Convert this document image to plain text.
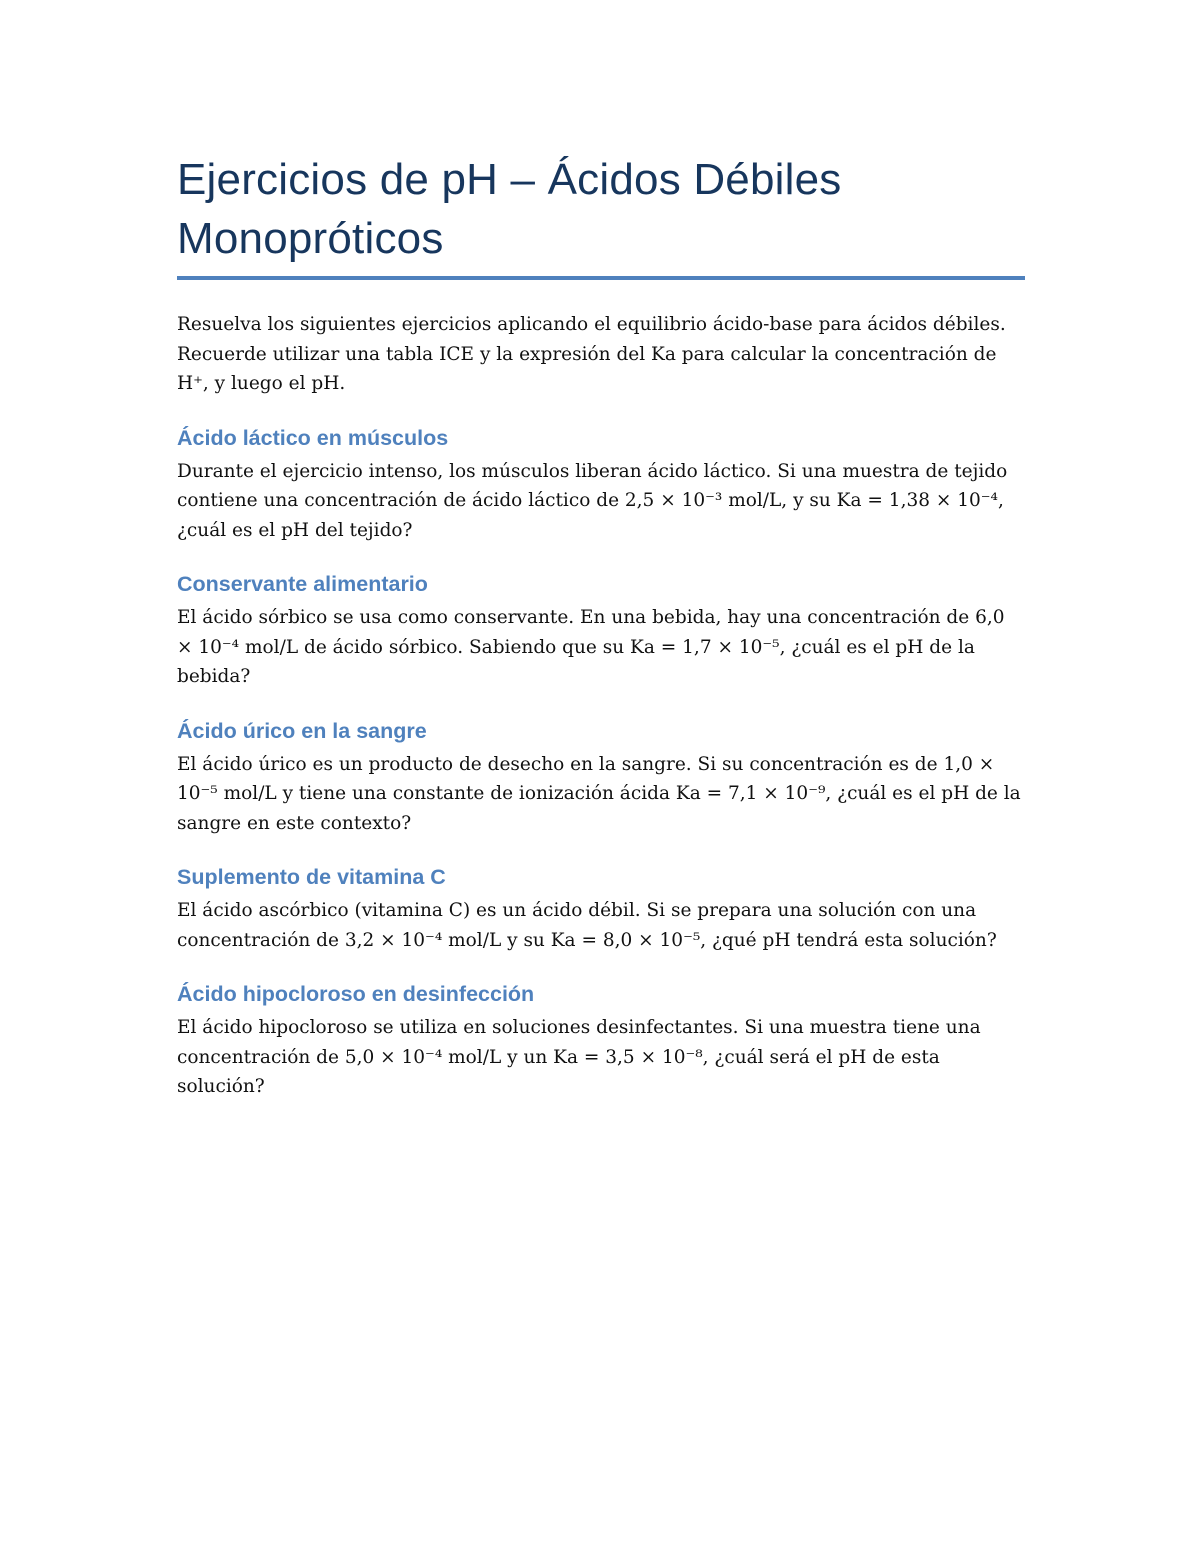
Ejercicios de pH – Ácidos Débiles Monopróticos

Resuelva los siguientes ejercicios aplicando el equilibrio ácido-base para ácidos débiles. Recuerde utilizar una tabla ICE y la expresión del Ka para calcular la concentración de H⁺, y luego el pH.

Ácido láctico en músculos

Durante el ejercicio intenso, los músculos liberan ácido láctico. Si una muestra de tejido contiene una concentración de ácido láctico de 2,5 × 10⁻³ mol/L, y su Ka = 1,38 × 10⁻⁴, ¿cuál es el pH del tejido?

Conservante alimentario

El ácido sórbico se usa como conservante. En una bebida, hay una concentración de 6,0 × 10⁻⁴ mol/L de ácido sórbico. Sabiendo que su Ka = 1,7 × 10⁻⁵, ¿cuál es el pH de la bebida?

Ácido úrico en la sangre

El ácido úrico es un producto de desecho en la sangre. Si su concentración es de 1,0 × 10⁻⁵ mol/L y tiene una constante de ionización ácida Ka = 7,1 × 10⁻⁹, ¿cuál es el pH de la sangre en este contexto?

Suplemento de vitamina C

El ácido ascórbico (vitamina C) es un ácido débil. Si se prepara una solución con una concentración de 3,2 × 10⁻⁴ mol/L y su Ka = 8,0 × 10⁻⁵, ¿qué pH tendrá esta solución?

Ácido hipocloroso en desinfección

El ácido hipocloroso se utiliza en soluciones desinfectantes. Si una muestra tiene una concentración de 5,0 × 10⁻⁴ mol/L y un Ka = 3,5 × 10⁻⁸, ¿cuál será el pH de esta solución?
